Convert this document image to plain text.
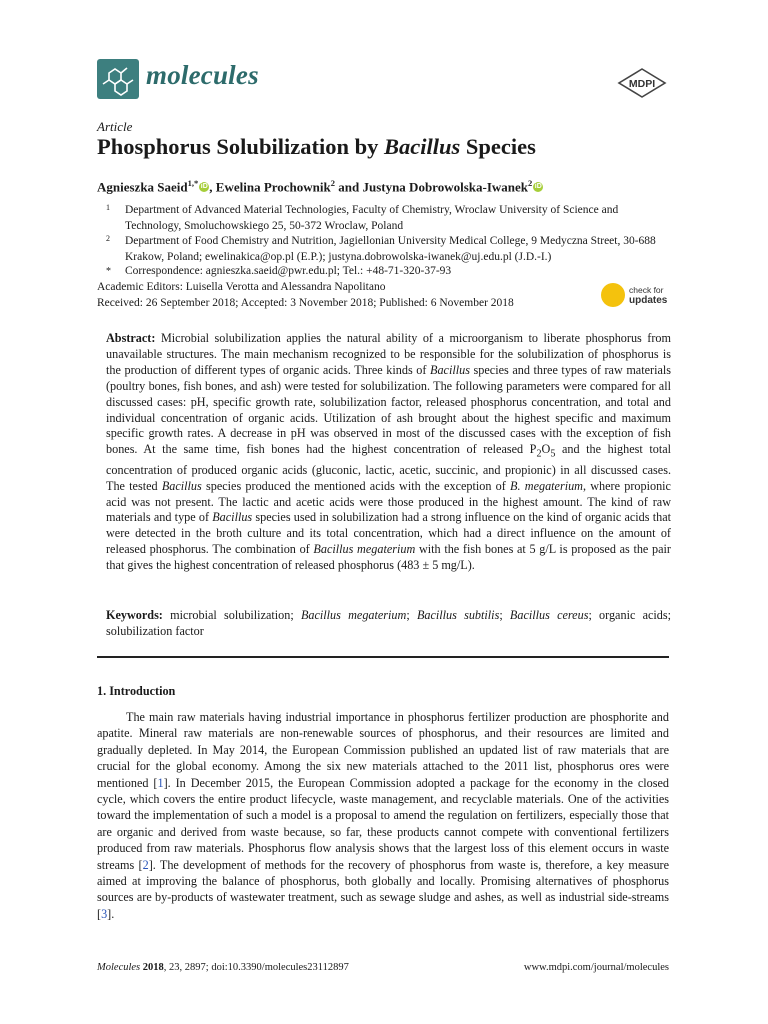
molecules	MDPI
Article
Phosphorus Solubilization by Bacillus Species
Agnieszka Saeid$^{1,*}$ iD , Ewelina Prochownik$^2$ and Justyna Dobrowolska-Iwanek$^2$ iD
1 Department of Advanced Material Technologies, Faculty of Chemistry, Wroclaw University of Science and Technology, Smoluchowskiego 25, 50-372 Wroclaw, Poland
2 Department of Food Chemistry and Nutrition, Jagiellonian University Medical College, 9 Medyczna Street, 30-688 Krakow, Poland; ewelinakica@op.pl (E.P.); justyna.dobrowolska-iwanek@uj.edu.pl (J.D.-I.)
* Correspondence: agnieszka.saeid@pwr.edu.pl; Tel.: +48-71-320-37-93
Academic Editors: Luisella Verotta and Alessandra Napolitano
Received: 26 September 2018; Accepted: 3 November 2018; Published: 6 November 2018
check for
updates
Abstract: Microbial solubilization applies the natural ability of a microorganism to liberate phosphorus from unavailable structures. The main mechanism recognized to be responsible for the solubilization of phosphorus is the production of different types of organic acids. Three kinds of Bacillus species and three types of raw materials (poultry bones, fish bones, and ash) were tested for solubilization. The following parameters were compared for all discussed cases: pH, specific growth rate, solubilization factor, released phosphorus concentration, and total and individual concentration of organic acids. Utilization of ash brought about the highest specific and maximum specific growth rates. A decrease in pH was observed in most of the discussed cases with the exception of fish bones. At the same time, fish bones had the highest concentration of released $P_2O_5$ and the highest total concentration of produced organic acids (gluconic, lactic, acetic, succinic, and propionic) in all discussed cases. The tested Bacillus species produced the mentioned acids with the exception of B. megaterium, where propionic acid was not present. The lactic and acetic acids were those produced in the highest amount. The kind of raw materials and type of Bacillus species used in solubilization had a strong influence on the kind of organic acids that were detected in the broth culture and its total concentration, which had a direct influence on the amount of released phosphorus. The combination of Bacillus megaterium with the fish bones at 5 g/L is proposed as the pair that gives the highest concentration of released phosphorus (483 ± 5 mg/L).
Keywords: microbial solubilization; Bacillus megaterium; Bacillus subtilis; Bacillus cereus; organic acids; solubilization factor
1. Introduction
The main raw materials having industrial importance in phosphorus fertilizer production are phosphorite and apatite. Mineral raw materials are non-renewable sources of phosphorus, and their resources are limited and gradually depleted. In May 2014, the European Commission published an updated list of raw materials that are crucial for the global economy. Among the six new materials attached to the 2011 list, phosphorus ores were mentioned [1]. In December 2015, the European Commission adopted a package for the economy in the closed cycle, which covers the entire product lifecycle, waste management, and recyclable materials. One of the activities toward the implementation of such a model is a proposal to amend the regulation on fertilizers, especially those that are organic and derived from waste because, so far, these products cannot compete with conventional fertilizers produced from raw materials. Phosphorus flow analysis shows that the largest loss of this element occurs in waste streams [2]. The development of methods for the recovery of phosphorus from waste is, therefore, a key measure aimed at improving the balance of phosphorus, both globally and locally. Promising alternatives of phosphorus sources are by-products of wastewater treatment, such as sewage sludge and ashes, as well as industrial side-streams [3].
Molecules 2018, 23, 2897; doi:10.3390/molecules23112897	www.mdpi.com/journal/molecules
